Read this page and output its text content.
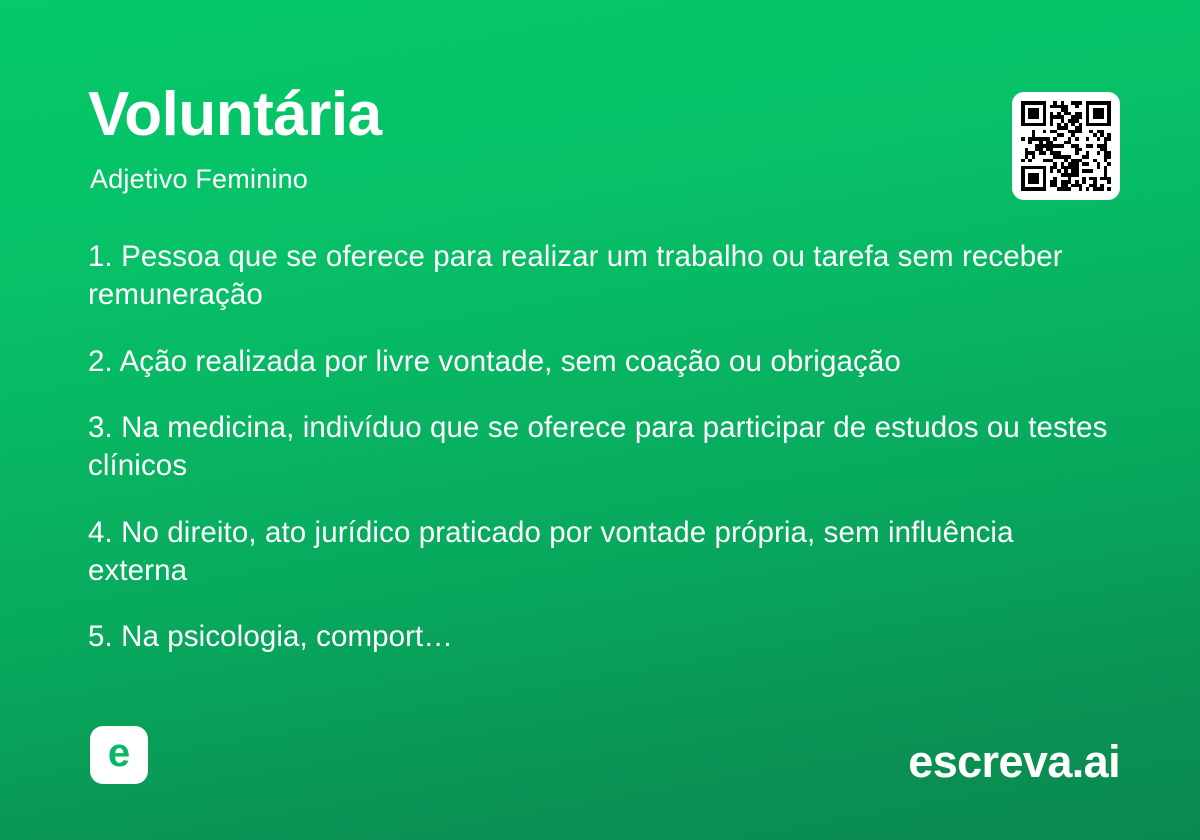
Voluntária

Adjetivo Feminino

1. Pessoa que se oferece para realizar um trabalho ou tarefa sem receber remuneração

2. Ação realizada por livre vontade, sem coação ou obrigação

3. Na medicina, indivíduo que se oferece para participar de estudos ou testes clínicos

4. No direito, ato jurídico praticado por vontade própria, sem influência externa

5. Na psicologia, comport…

e	escreva.ai
